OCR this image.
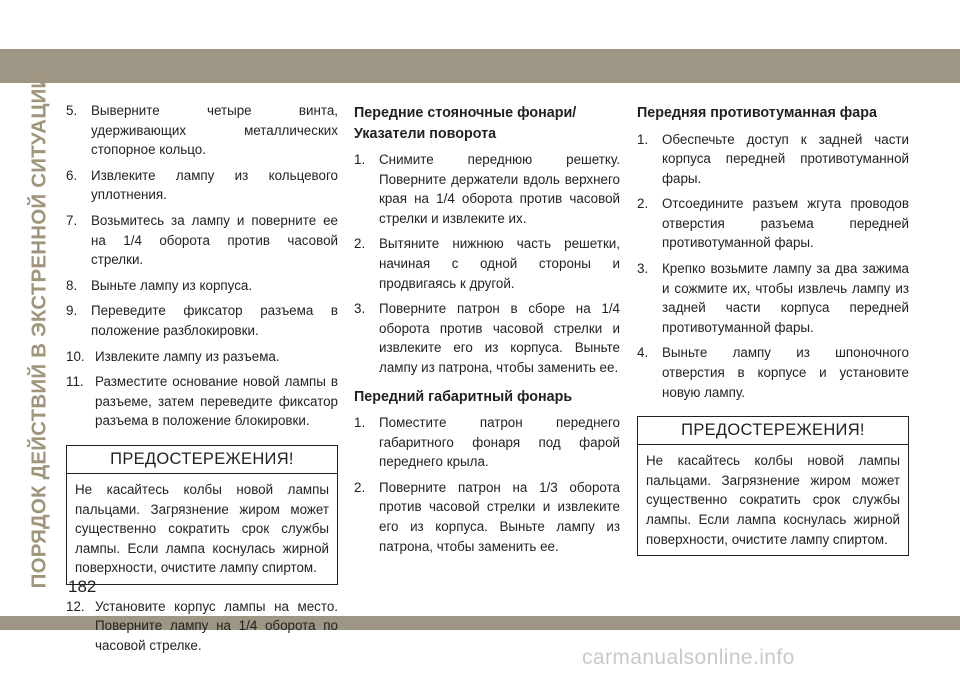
ПОРЯДОК ДЕЙСТВИЙ В ЭКСТРЕННОЙ СИТУАЦИИ 5.	Выверните четыре винта, удерживающих металлических стопорное кольцо.
6.	Извлеките лампу из кольцевого уплотнения.
7.	Возьмитесь за лампу и поверните ее на 1/4 оборота против часовой стрелки.
8.	Выньте лампу из корпуса.
9.	Переведите фиксатор разъема в положение разблокировки.
10. Извлеките лампу из разъема.
11. Разместите основание новой лампы в разъеме, затем переведите фиксатор разъема в положение блокировки.
ПРЕДОСТЕРЕЖЕНИЯ!
Не касайтесь колбы новой лампы пальцами. Загрязнение жиром может существенно сократить срок службы лампы. Если лампа коснулась жирной поверхности, очистите лампу спиртом.
12. Установите корпус лампы на место. Поверните лампу на 1/4 оборота по часовой стрелке.
Передние стояночные фонари/ Указатели поворота
1.	Снимите переднюю решетку. Поверните держатели вдоль верхнего края на 1/4 оборота против часовой стрелки и извлеките их.
2.	Вытяните нижнюю часть решетки, начиная с одной стороны и продвигаясь к другой.
3.	Поверните патрон в сборе на 1/4 оборота против часовой стрелки и извлеките его из корпуса. Выньте лампу из патрона, чтобы заменить ее.
Передний габаритный фонарь
1.	Поместите патрон переднего габаритного фонаря под фарой переднего крыла.
2.	Поверните патрон на 1/3 оборота против часовой стрелки и извлеките его из корпуса. Выньте лампу из патрона, чтобы заменить ее.
Передняя противотуманная фара
1.	Обеспечьте доступ к задней части корпуса передней противотуманной фары.
2.	Отсоедините разъем жгута проводов отверстия разъема передней противотуманной фары.
3.	Крепко возьмите лампу за два зажима и сожмите их, чтобы извлечь лампу из задней части корпуса передней противотуманной фары.
4.	Выньте лампу из шпоночного отверстия в корпусе и установите новую лампу.
ПРЕДОСТЕРЕЖЕНИЯ!
Не касайтесь колбы новой лампы пальцами. Загрязнение жиром может существенно сократить срок службы лампы. Если лампа коснулась жирной поверхности, очистите лампу спиртом.
182
carmanualsonline.info
